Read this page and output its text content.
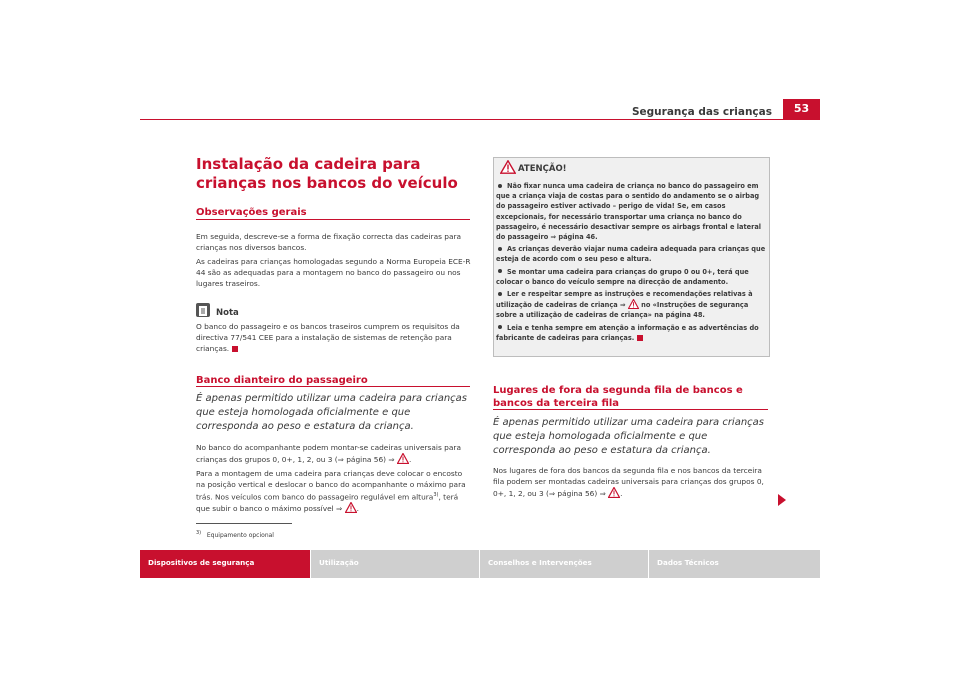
Segurança das crianças	53
Instalação da cadeira para crianças nos bancos do veículo
Observações gerais

Em seguida, descreve-se a forma de fixação correcta das cadeiras para crianças nos diversos bancos.

As cadeiras para crianças homologadas segundo a Norma Europeia ECE-R 44 são as adequadas para a montagem no banco do passageiro ou nos lugares traseiros.

Nota
O banco do passageiro e os bancos traseiros cumprem os requisitos da directiva 77/541 CEE para a instalação de sistemas de retenção para crianças.
Banco dianteiro do passageiro
É apenas permitido utilizar uma cadeira para crianças que esteja homologada oficialmente e que corresponda ao peso e estatura da criança.

No banco do acompanhante podem montar-se cadeiras universais para crianças dos grupos 0, 0+, 1, 2, ou 3 (⇒ página 56) ⇒ .

Para a montagem de uma cadeira para crianças deve colocar o encosto na posição vertical e deslocar o banco do acompanhante o máximo para trás. Nos veículos com banco do passageiro regulável em altura$^{3)}$, terá que subir o banco o máximo possível ⇒ .

$^{3)}$ Equipamento opcional
ATENÇÃO!
Não fixar nunca uma cadeira de criança no banco do passageiro em que a criança viaja de costas para o sentido do andamento se o airbag do passageiro estiver activado – perigo de vida! Se, em casos excepcionais, for necessário transportar uma criança no banco do passageiro, é necessário desactivar sempre os airbags frontal e lateral do passageiro ⇒ página 46.
As crianças deverão viajar numa cadeira adequada para crianças que esteja de acordo com o seu peso e altura.
Se montar uma cadeira para crianças do grupo 0 ou 0+, terá que colocar o banco do veículo sempre na direcção de andamento.
Ler e respeitar sempre as instruções e recomendações relativas à utilização de cadeiras de criança ⇒ no «Instruções de segurança sobre a utilização de cadeiras de criança» na página 48.
Leia e tenha sempre em atenção a informação e as advertências do fabricante de cadeiras para crianças.
Lugares de fora da segunda fila de bancos e bancos da terceira fila
É apenas permitido utilizar uma cadeira para crianças que esteja homologada oficialmente e que corresponda ao peso e estatura da criança.

Nos lugares de fora dos bancos da segunda fila e nos bancos da terceira fila podem ser montadas cadeiras universais para crianças dos grupos 0, 0+, 1, 2, ou 3 (⇒ página 56) ⇒ .

Dispositivos de segurança	Utilização	Conselhos e Intervenções	Dados Técnicos
